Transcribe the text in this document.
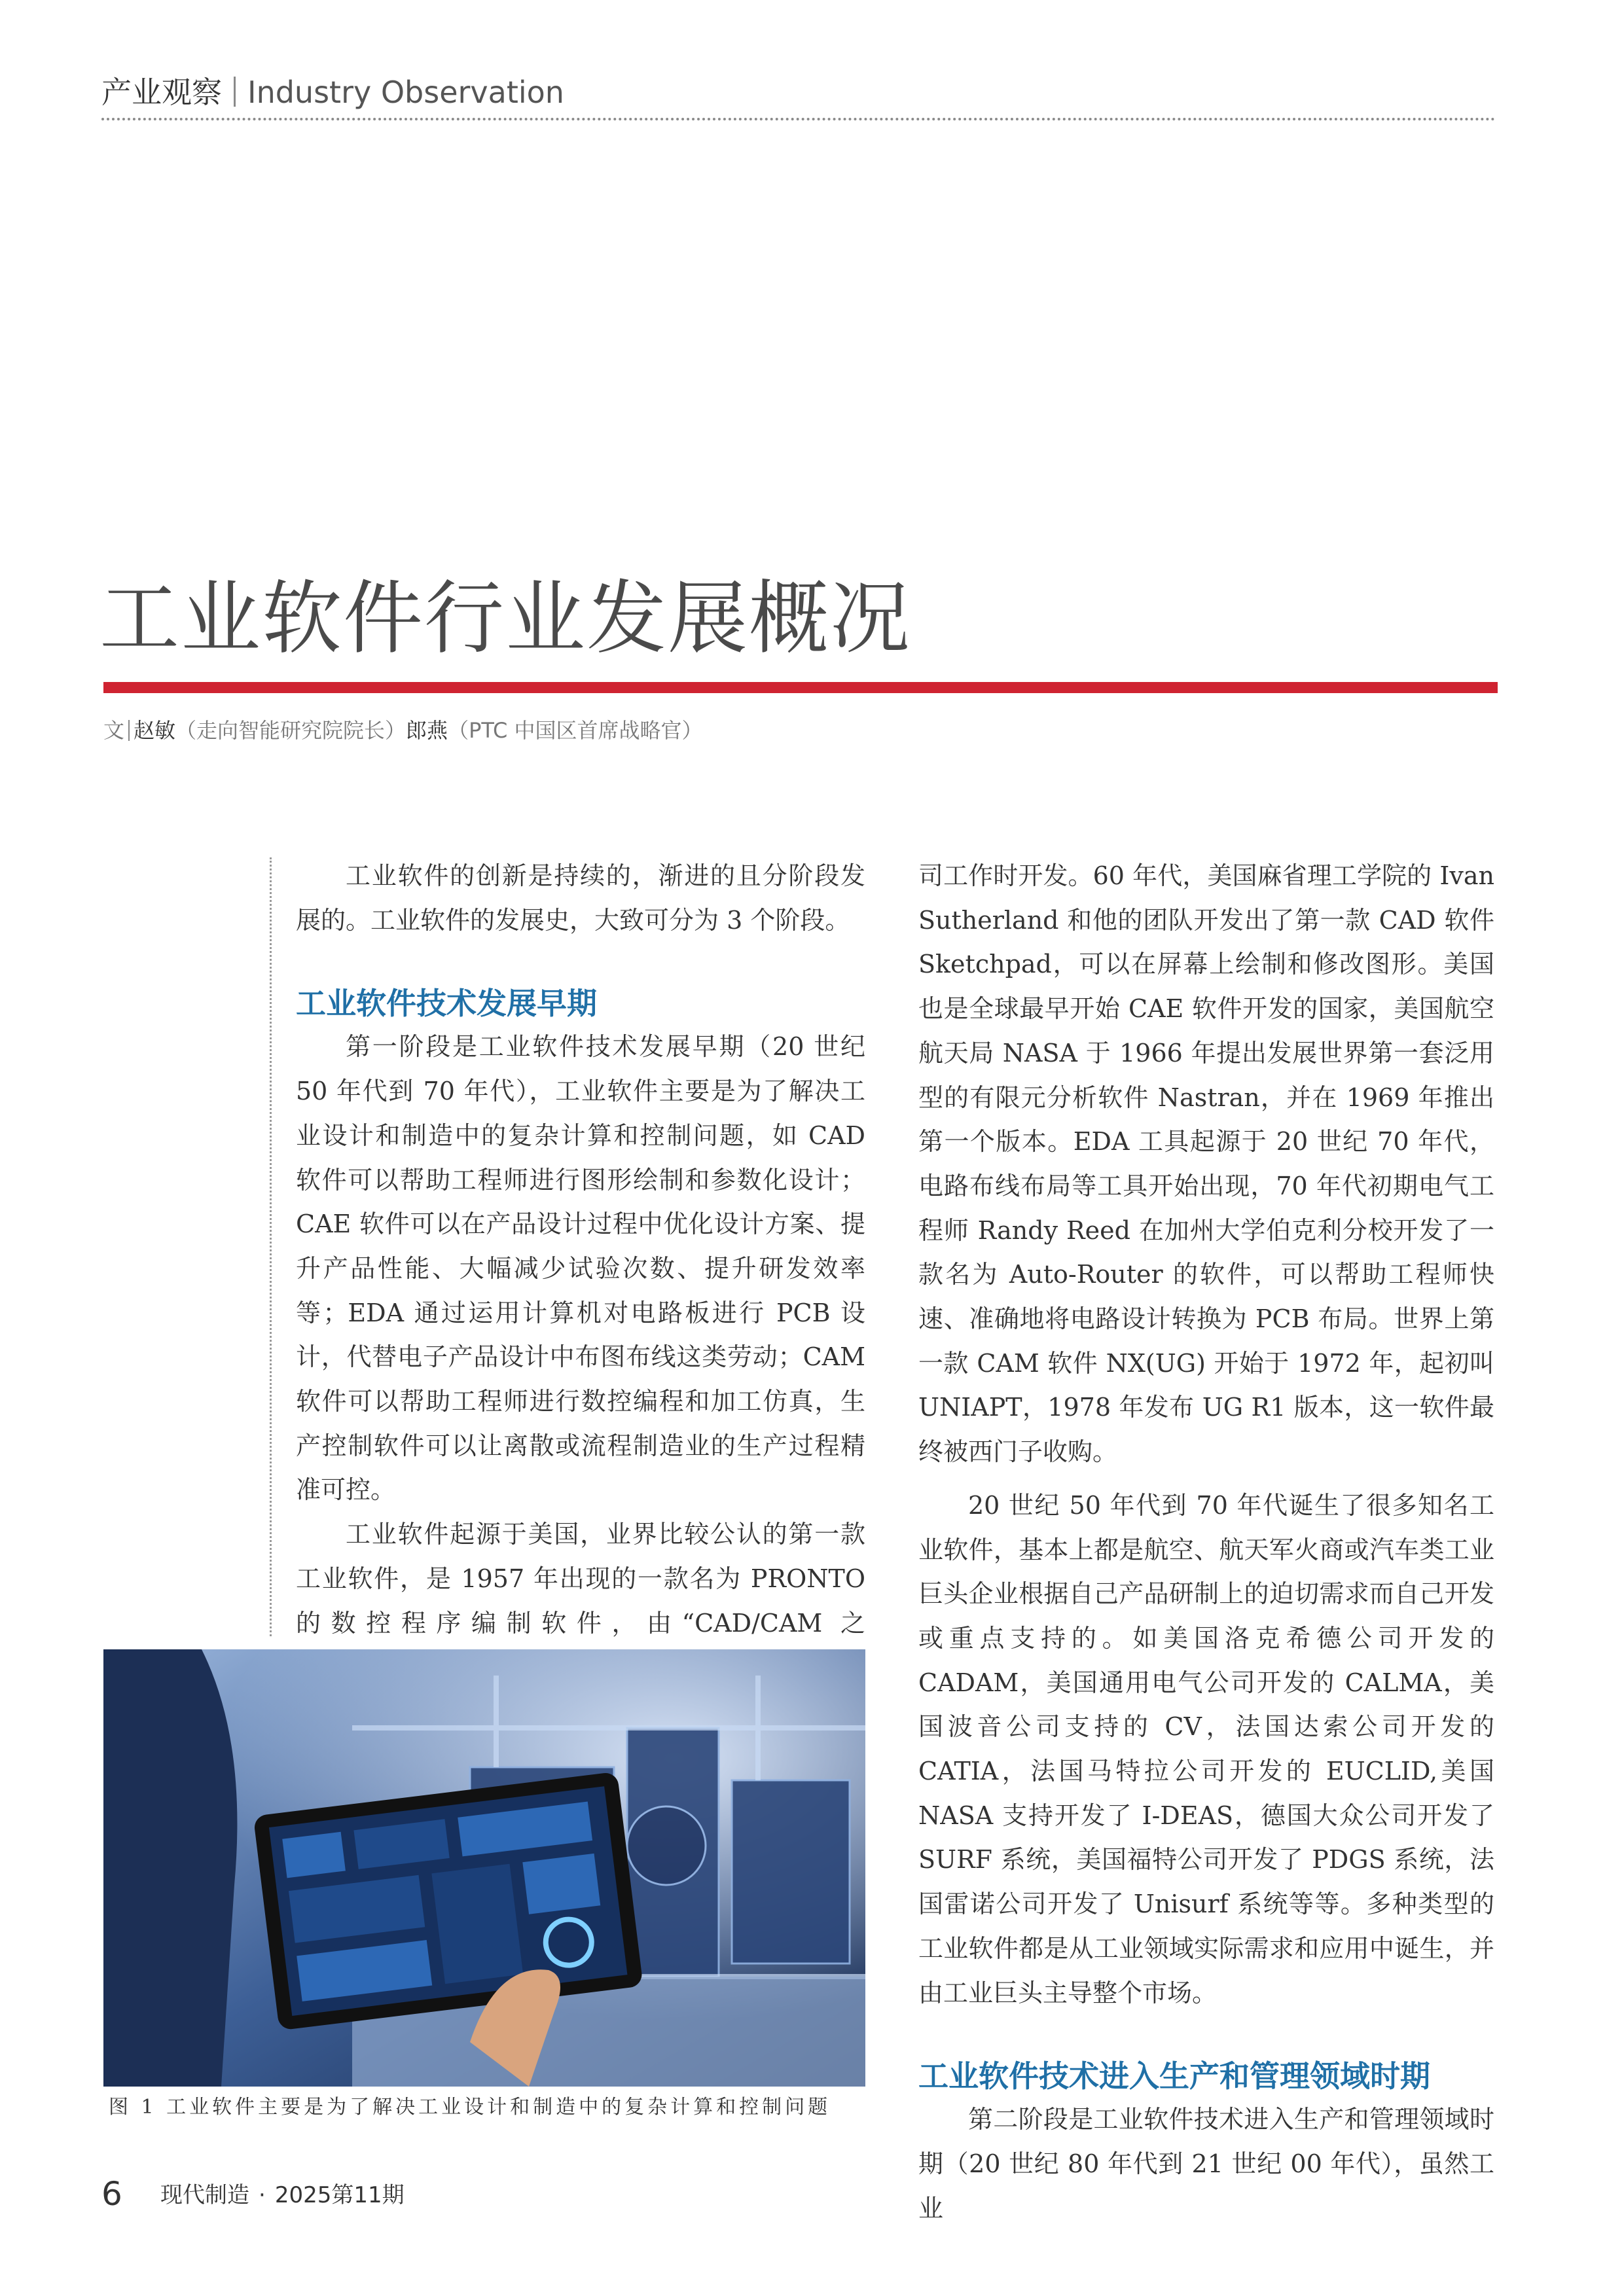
产业观察 Industry Observation
工业软件行业发展概况
文 赵敏（走向智能研究院院长）郎燕（PTC 中国区首席战略官）

工业软件的创新是持续的，渐进的且分阶段发展的。工业软件的发展史，大致可分为 3 个阶段。

工业软件技术发展早期

第一阶段是工业软件技术发展早期（20 世纪 50 年代到 70 年代），工业软件主要是为了解决工业设计和制造中的复杂计算和控制问题，如 CAD 软件可以帮助工程师进行图形绘制和参数化设计；CAE 软件可以在产品设计过程中优化设计方案、提升产品性能、大幅减少试验次数、提升研发效率等；EDA 通过运用计算机对电路板进行 PCB 设计，代替电子产品设计中布图布线这类劳动；CAM 软件可以帮助工程师进行数控编程和加工仿真，生产控制软件可以让离散或流程制造业的生产过程精准可控。

工业软件起源于美国，业界比较公认的第一款工业软件，是 1957 年出现的一款名为 PRONTO 的数控程序编制软件，由“CAD/CAM 之

司工作时开发。60 年代，美国麻省理工学院的 Ivan Sutherland 和他的团队开发出了第一款 CAD 软件 Sketchpad，可以在屏幕上绘制和修改图形。美国也是全球最早开始 CAE 软件开发的国家，美国航空航天局 NASA 于 1966 年提出发展世界第一套泛用型的有限元分析软件 Nastran，并在 1969 年推出第一个版本。EDA 工具起源于 20 世纪 70 年代，电路布线布局等工具开始出现，70 年代初期电气工程师 Randy Reed 在加州大学伯克利分校开发了一款名为 Auto-Router 的软件，可以帮助工程师快速、准确地将电路设计转换为 PCB 布局。世界上第一款 CAM 软件 NX(UG) 开始于 1972 年，起初叫 UNIAPT，1978 年发布 UG R1 版本，这一软件最终被西门子收购。

20 世纪 50 年代到 70 年代诞生了很多知名工业软件，基本上都是航空、航天军火商或汽车类工业巨头企业根据自己产品研制上的迫切需求而自己开发或重点支持的。如美国洛克希德公司开发的 CADAM，美国通用电气公司开发的 CALMA，美国波音公司支持的 CV，法国达索公司开发的 CATIA，法国马特拉公司开发的 EUCLID,美国 NASA 支持开发了 I-DEAS，德国大众公司开发了 SURF 系统，美国福特公司开发了 PDGS 系统，法国雷诺公司开发了 Unisurf 系统等等。多种类型的工业软件都是从工业领域实际需求和应用中诞生，并由工业巨头主导整个市场。

工业软件技术进入生产和管理领域时期

第二阶段是工业软件技术进入生产和管理领域时期（20 世纪 80 年代到 21 世纪 00 年代），虽然工业

图 1 工业软件主要是为了解决工业设计和制造中的复杂计算和控制问题
6 现代制造 · 2025第11期
